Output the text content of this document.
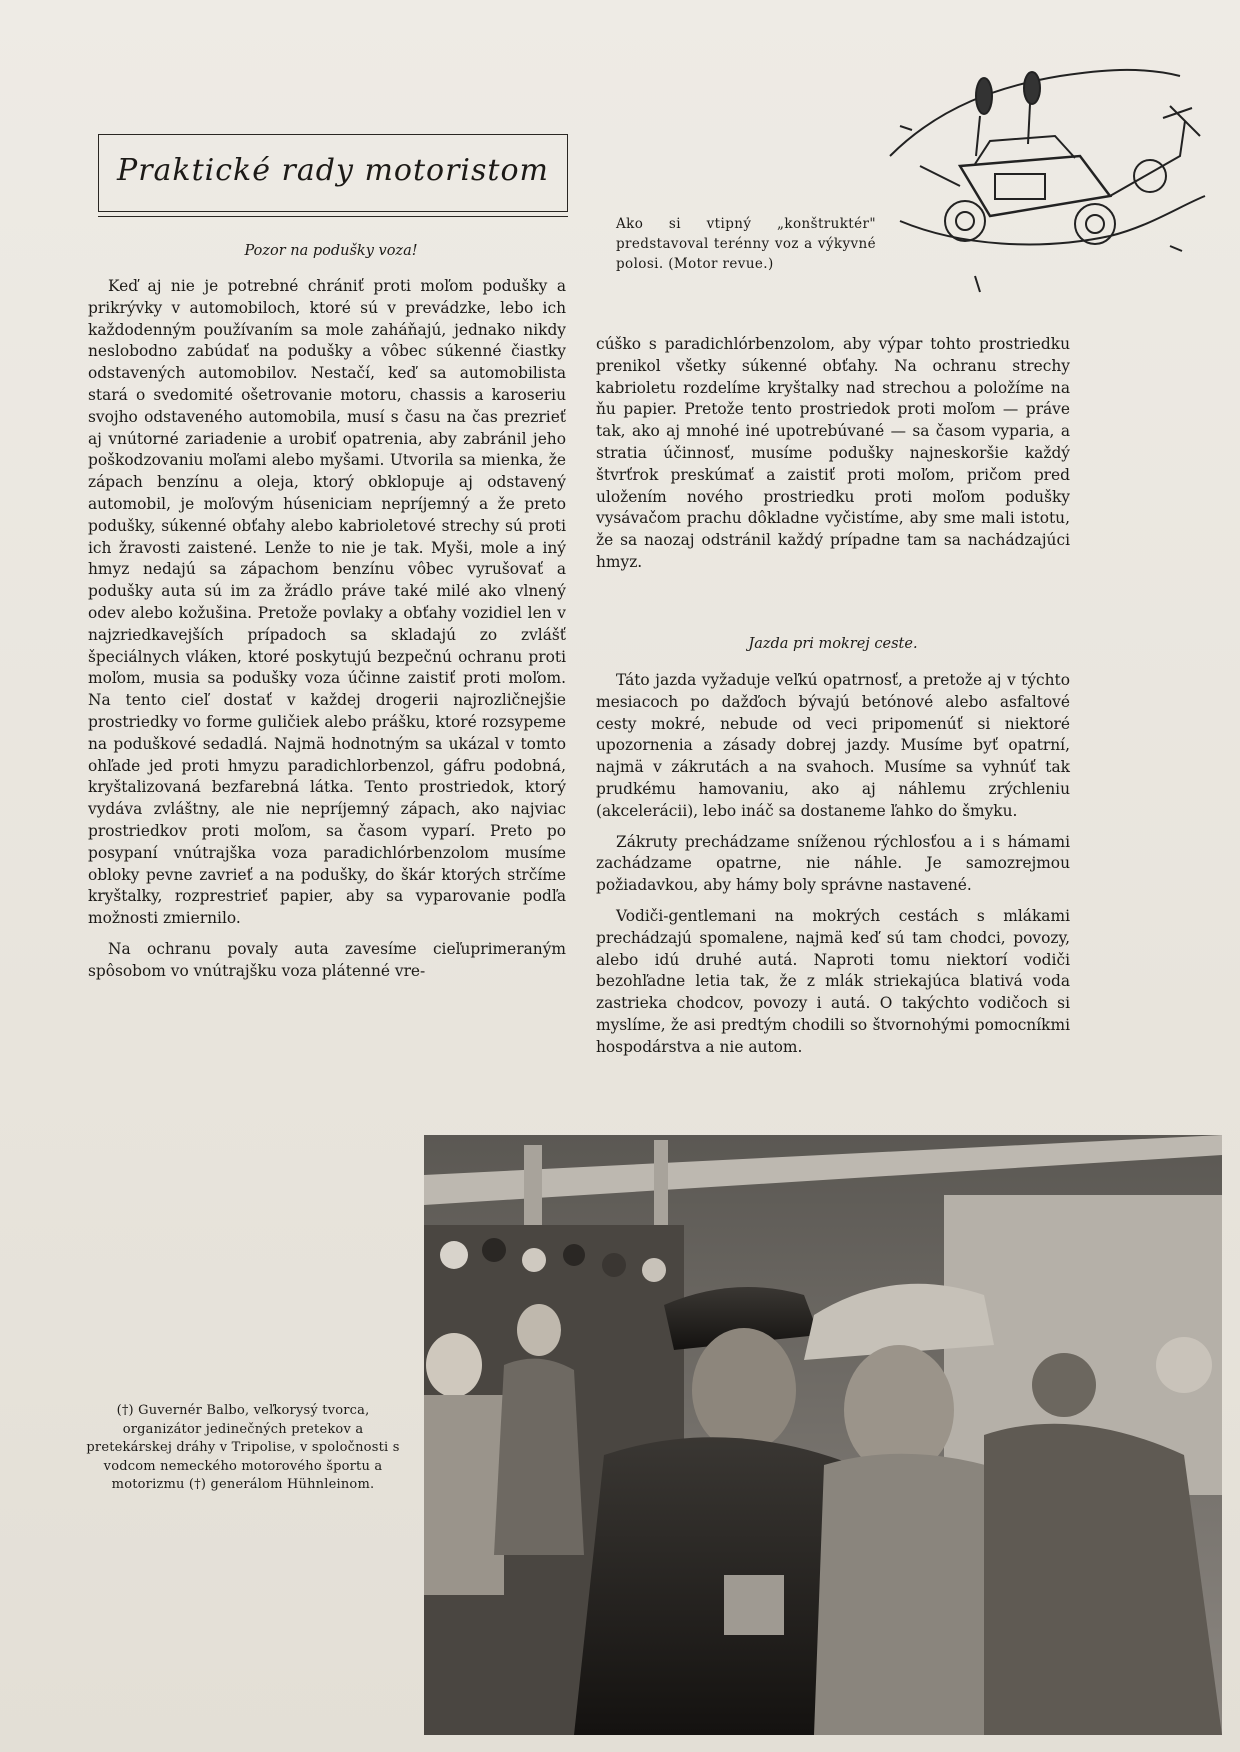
Praktické rady motoristom
Ako si vtipný „konštruktér" predstavoval terénny voz a výkyvné polosi. (Motor revue.)
Pozor na podušky voza!

Keď aj nie je potrebné chrániť proti moľom podušky a prikrývky v automobiloch, ktoré sú v prevádzke, lebo ich každodenným používaním sa mole zaháňajú, jednako nikdy neslobodno zabúdať na podušky a vôbec súkenné čiastky odstavených automobilov. Nestačí, keď sa automobilista stará o svedomité ošetrovanie motoru, chassis a karoseriu svojho odstaveného automobila, musí s času na čas prezrieť aj vnútorné zariadenie a urobiť opatrenia, aby zabránil jeho poškodzovaniu moľami alebo myšami. Utvorila sa mienka, že zápach benzínu a oleja, ktorý obklopuje aj odstavený automobil, je moľovým húseniciam nepríjemný a že preto podušky, súkenné obťahy alebo kabrioletové strechy sú proti ich žravosti zaistené. Lenže to nie je tak. Myši, mole a iný hmyz nedajú sa zápachom benzínu vôbec vyrušovať a podušky auta sú im za žrádlo práve také milé ako vlnený odev alebo kožušina. Pretože povlaky a obťahy vozidiel len v najzriedkavejších prípadoch sa skladajú zo zvlášť špeciálnych vláken, ktoré poskytujú bezpečnú ochranu proti moľom, musia sa podušky voza účinne zaistiť proti moľom. Na tento cieľ dostať v každej drogerii najrozličnejšie prostriedky vo forme guličiek alebo prášku, ktoré rozsypeme na poduškové sedadlá. Najmä hodnotným sa ukázal v tomto ohľade jed proti hmyzu paradichlorbenzol, gáfru podobná, kryštalizovaná bezfarebná látka. Tento prostriedok, ktorý vydáva zvláštny, ale nie nepríjemný zápach, ako najviac prostriedkov proti moľom, sa časom vyparí. Preto po posypaní vnútrajška voza paradichlórbenzolom musíme obloky pevne zavrieť a na podušky, do škár ktorých strčíme kryštalky, rozprestrieť papier, aby sa vyparovanie podľa možnosti zmiernilo.

Na ochranu povaly auta zavesíme cieľuprimeraným spôsobom vo vnútrajšku voza plátenné vre-

cúško s paradichlórbenzolom, aby výpar tohto prostriedku prenikol všetky súkenné obťahy. Na ochranu strechy kabrioletu rozdelíme kryštalky nad strechou a položíme na ňu papier. Pretože tento prostriedok proti moľom — práve tak, ako aj mnohé iné upotrebúvané — sa časom vyparia, a stratia účinnosť, musíme podušky najneskoršie každý štvrťrok preskúmať a zaistiť proti moľom, pričom pred uložením nového prostriedku proti moľom podušky vysávačom prachu dôkladne vyčistíme, aby sme mali istotu, že sa naozaj odstránil každý prípadne tam sa nachádzajúci hmyz.

Jazda pri mokrej ceste.

Táto jazda vyžaduje veľkú opatrnosť, a pretože aj v týchto mesiacoch po dažďoch bývajú betónové alebo asfaltové cesty mokré, nebude od veci pripomenúť si niektoré upozornenia a zásady dobrej jazdy. Musíme byť opatrní, najmä v zákrutách a na svahoch. Musíme sa vyhnúť tak prudkému hamovaniu, ako aj náhlemu zrýchleniu (akcelerácii), lebo ináč sa dostaneme ľahko do šmyku.

Zákruty prechádzame sníženou rýchlosťou a i s hámami zachádzame opatrne, nie náhle. Je samozrejmou požiadavkou, aby hámy boly správne nastavené.

Vodiči-gentlemani na mokrých cestách s mlákami prechádzajú spomalene, najmä keď sú tam chodci, povozy, alebo idú druhé autá. Naproti tomu niektorí vodiči bezohľadne letia tak, že z mlák striekajúca blativá voda zastrieka chodcov, povozy i autá. O takýchto vodičoch si myslíme, že asi predtým chodili so štvornohými pomocníkmi hospodárstva a nie autom.

(†) Guvernér Balbo, veľkorysý tvorca, organizátor jedinečných pretekov a pretekárskej dráhy v Tripolise, v spoločnosti s vodcom nemeckého motorového športu a motorizmu (†) generálom Hühnleinom.
